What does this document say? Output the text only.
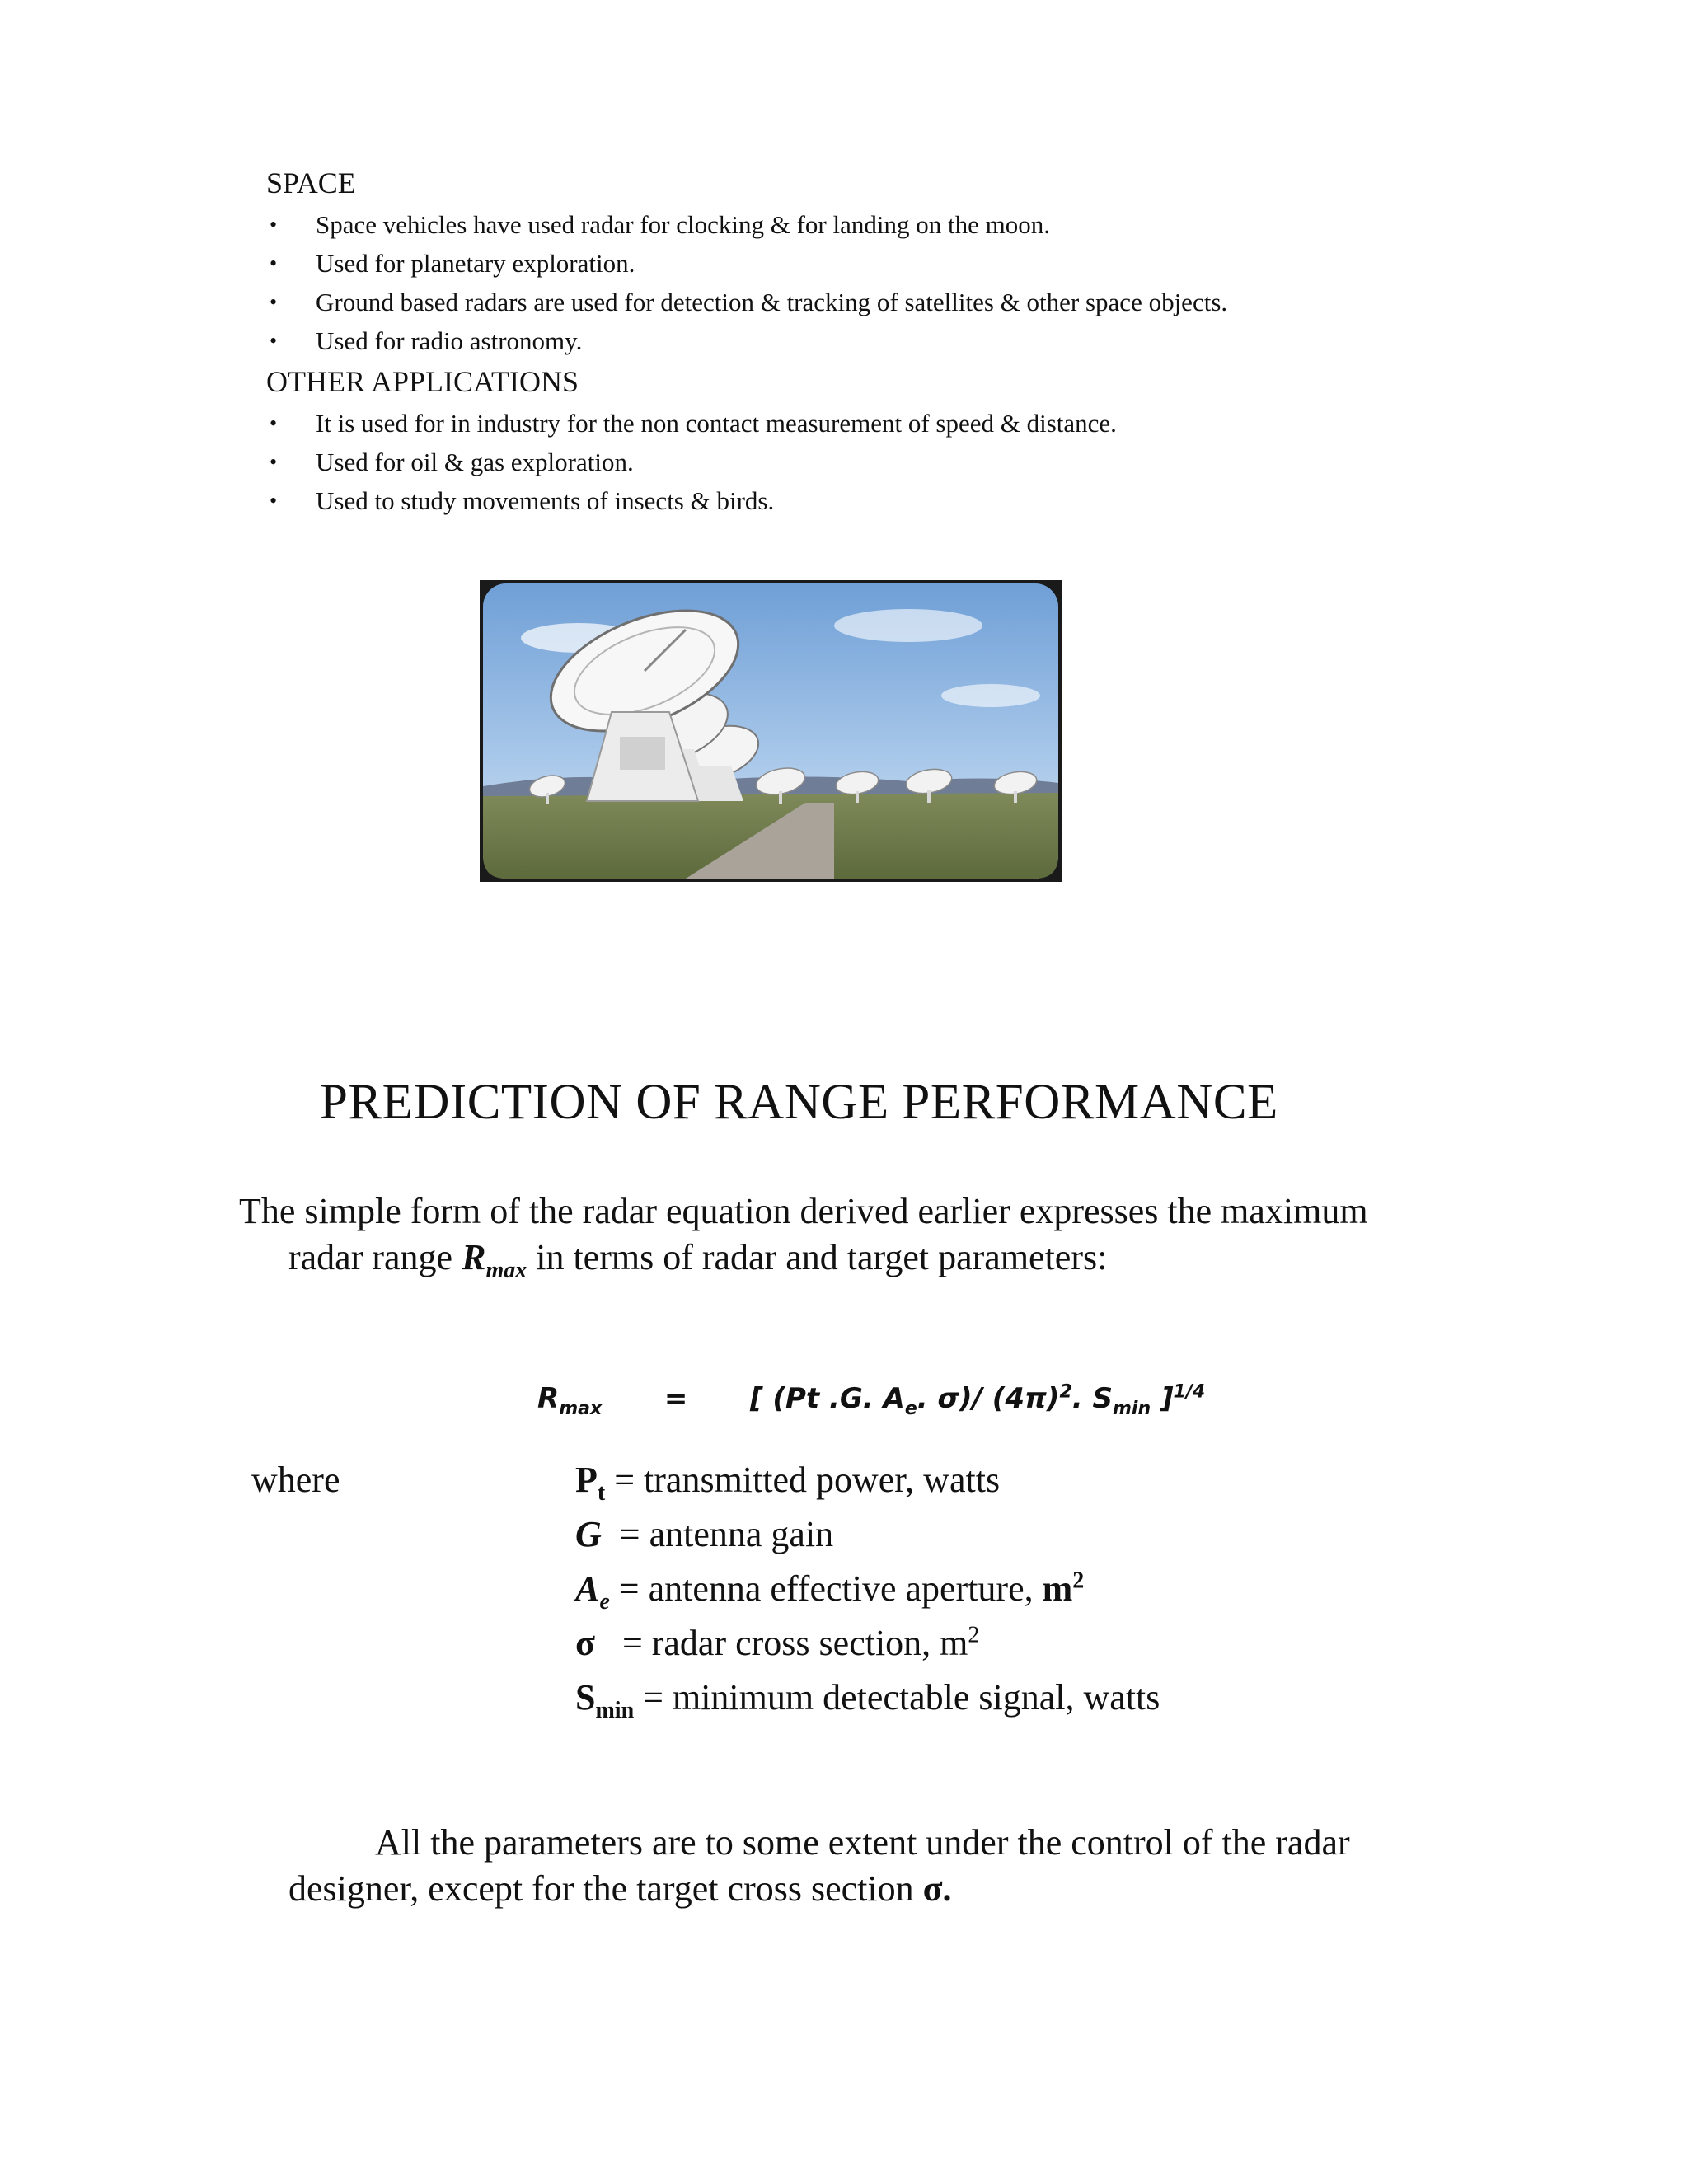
SPACE
• Space vehicles have used radar for clocking & for landing on the moon.
• Used for planetary exploration.
• Ground based radars are used for detection & tracking of satellites & other space objects.
• Used for radio astronomy.
OTHER APPLICATIONS
• It is used for in industry for the non contact measurement of speed & distance.
• Used for oil & gas exploration.
• Used to study movements of insects & birds.
PREDICTION OF RANGE PERFORMANCE
The simple form of the radar equation derived earlier expresses the maximum
radar range $R_{max}$ in terms of radar and target parameters:
$R_{max}$ = [ (Pt .G. $A_e$. σ)/ $(4\pi)^2$. $S_{min}$ ]$^{1/4}$
where	$P_t$ = transmitted power, watts
G  = antenna gain
$A_e$ = antenna effective aperture, $m^2$
σ   = radar cross section, $m^2$
$S_{min}$ = minimum detectable signal, watts
All the parameters are to some extent under the control of the radar
designer, except for the target cross section σ.
